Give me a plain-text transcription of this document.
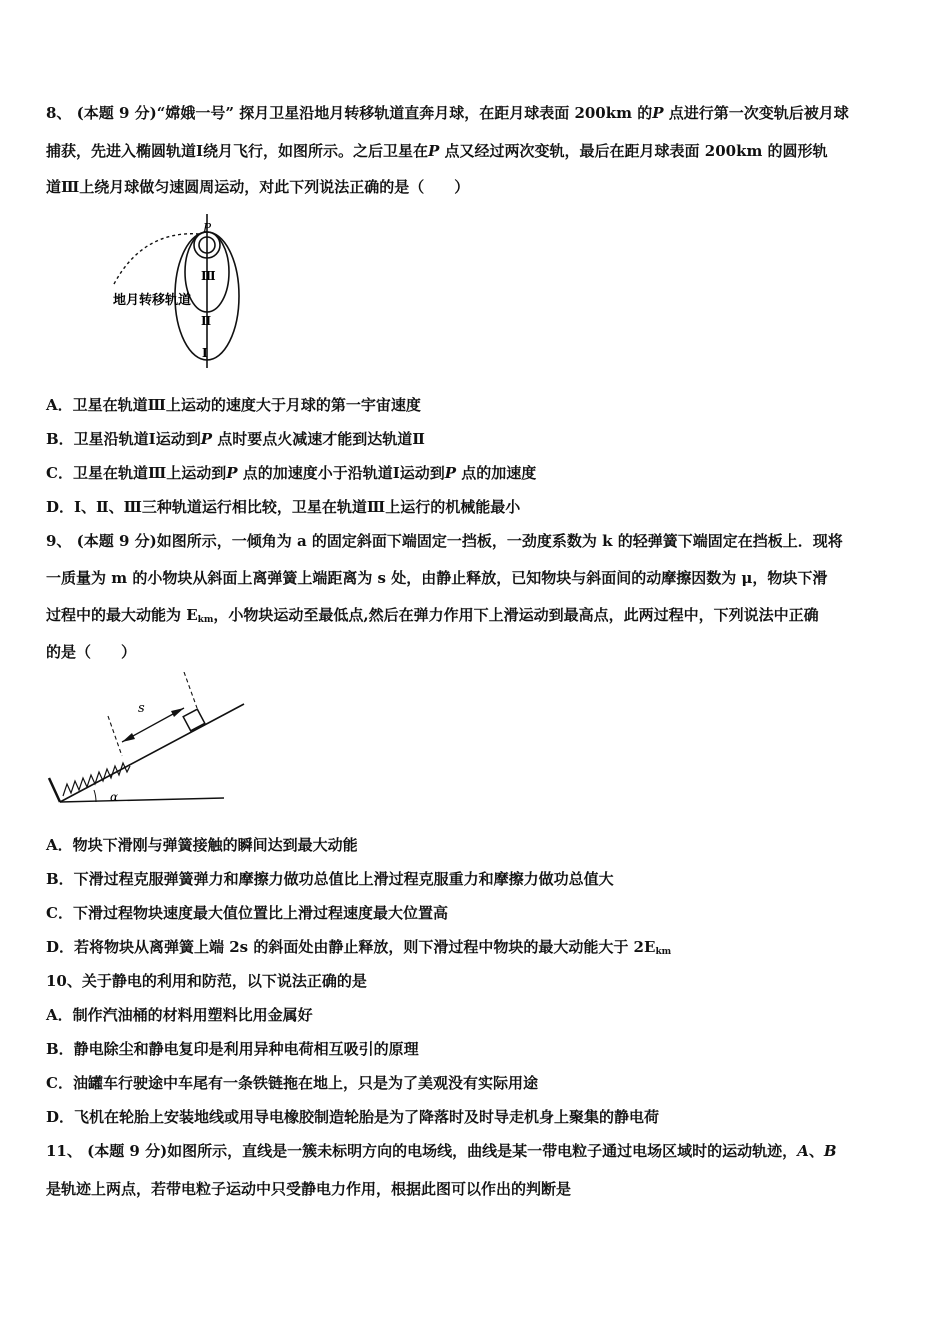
8、 (本题 9 分)“嫦娥一号” 探月卫星沿地月转移轨道直奔月球，在距月球表面 200km 的P 点进行第一次变轨后被月球
捕获，先进入椭圆轨道Ⅰ绕月飞行，如图所示。之后卫星在P 点又经过两次变轨，最后在距月球表面 200km 的圆形轨
道Ⅲ上绕月球做匀速圆周运动，对此下列说法正确的是（　　）
地月转移轨道
P
Ⅲ
Ⅱ
Ⅰ
A．卫星在轨道Ⅲ上运动的速度大于月球的第一宇宙速度
B．卫星沿轨道Ⅰ运动到P 点时要点火减速才能到达轨道Ⅱ
C．卫星在轨道Ⅲ上运动到P 点的加速度小于沿轨道Ⅰ运动到P 点的加速度
D．Ⅰ、Ⅱ、Ⅲ三种轨道运行相比较，卫星在轨道Ⅲ上运行的机械能最小
9、 (本题 9 分)如图所示，一倾角为 a 的固定斜面下端固定一挡板，一劲度系数为 k 的轻弹簧下端固定在挡板上．现将
一质量为 m 的小物块从斜面上离弹簧上端距离为 s 处，由静止释放，已知物块与斜面间的动摩擦因数为 μ，物块下滑
过程中的最大动能为 $E_{km}$，小物块运动至最低点,然后在弹力作用下上滑运动到最高点，此两过程中，下列说法中正确
的是（　　）
s
α
A．物块下滑刚与弹簧接触的瞬间达到最大动能
B．下滑过程克服弹簧弹力和摩擦力做功总值比上滑过程克服重力和摩擦力做功总值大
C．下滑过程物块速度最大值位置比上滑过程速度最大位置高
D．若将物块从离弹簧上端 2s 的斜面处由静止释放，则下滑过程中物块的最大动能大于 $2E_{km}$
10、关于静电的利用和防范，以下说法正确的是
A．制作汽油桶的材料用塑料比用金属好
B．静电除尘和静电复印是利用异种电荷相互吸引的原理
C．油罐车行驶途中车尾有一条铁链拖在地上，只是为了美观没有实际用途
D．飞机在轮胎上安装地线或用导电橡胶制造轮胎是为了降落时及时导走机身上聚集的静电荷
11、 (本题 9 分)如图所示，直线是一簇未标明方向的电场线，曲线是某一带电粒子通过电场区域时的运动轨迹，A、B
是轨迹上两点，若带电粒子运动中只受静电力作用，根据此图可以作出的判断是
